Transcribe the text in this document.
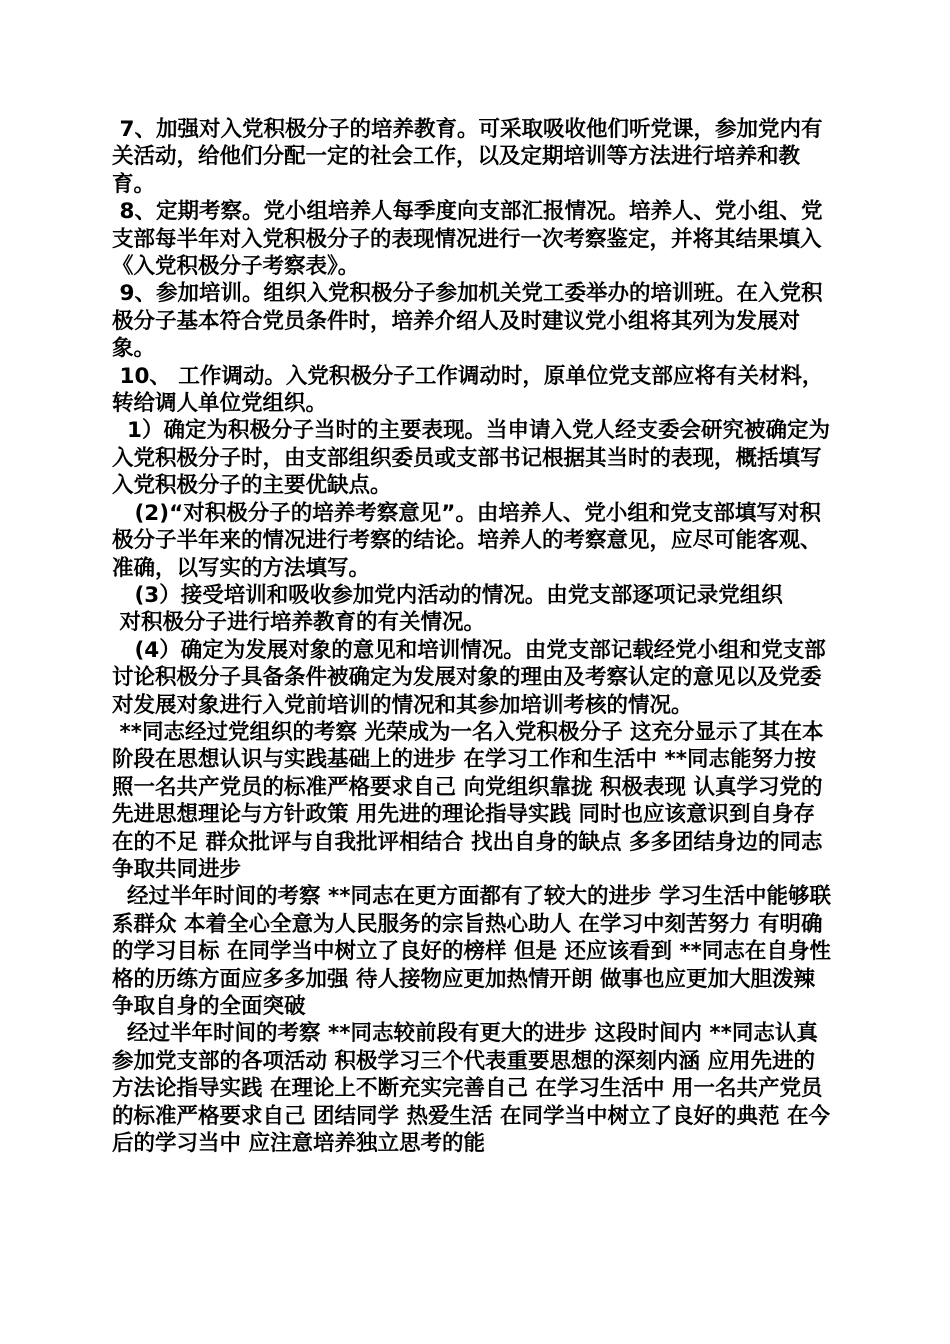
7、加强对入党积极分子的培养教育。可采取吸收他们听党课，参加党内有关活动，给他们分配一定的社会工作，以及定期培训等方法进行培养和教育。

8、定期考察。党小组培养人每季度向支部汇报情况。培养人、党小组、党支部每半年对入党积极分子的表现情况进行一次考察鉴定，并将其结果填入《入党积极分子考察表》。

9、参加培训。组织入党积极分子参加机关党工委举办的培训班。在入党积极分子基本符合党员条件时，培养介绍人及时建议党小组将其列为发展对象。

10、 工作调动。入党积极分子工作调动时，原单位党支部应将有关材料，转给调人单位党组织。

1）确定为积极分子当时的主要表现。当申请入党人经支委会研究被确定为入党积极分子时，由支部组织委员或支部书记根据其当时的表现，概括填写入党积极分子的主要优缺点。

(2)“对积极分子的培养考察意见”。由培养人、党小组和党支部填写对积极分子半年来的情况进行考察的结论。培养人的考察意见，应尽可能客观、准确，以写实的方法填写。

(3）接受培训和吸收参加党内活动的情况。由党支部逐项记录党组织

对积极分子进行培养教育的有关情况。

(4）确定为发展对象的意见和培训情况。由党支部记载经党小组和党支部讨论积极分子具备条件被确定为发展对象的理由及考察认定的意见以及党委对发展对象进行入党前培训的情况和其参加培训考核的情况。

**同志经过党组织的考察 光荣成为一名入党积极分子 这充分显示了其在本阶段在思想认识与实践基础上的进步 在学习工作和生活中 **同志能努力按照一名共产党员的标准严格要求自己 向党组织靠拢 积极表现 认真学习党的先进思想理论与方针政策 用先进的理论指导实践 同时也应该意识到自身存在的不足 群众批评与自我批评相结合 找出自身的缺点 多多团结身边的同志 争取共同进步

经过半年时间的考察 **同志在更方面都有了较大的进步 学习生活中能够联系群众 本着全心全意为人民服务的宗旨热心助人 在学习中刻苦努力 有明确的学习目标 在同学当中树立了良好的榜样 但是 还应该看到 **同志在自身性格的历练方面应多多加强 待人接物应更加热情开朗 做事也应更加大胆泼辣 争取自身的全面突破

经过半年时间的考察 **同志较前段有更大的进步 这段时间内 **同志认真参加党支部的各项活动 积极学习三个代表重要思想的深刻内涵 应用先进的方法论指导实践 在理论上不断充实完善自己 在学习生活中 用一名共产党员的标准严格要求自己 团结同学 热爱生活 在同学当中树立了良好的典范 在今后的学习当中 应注意培养独立思考的能
